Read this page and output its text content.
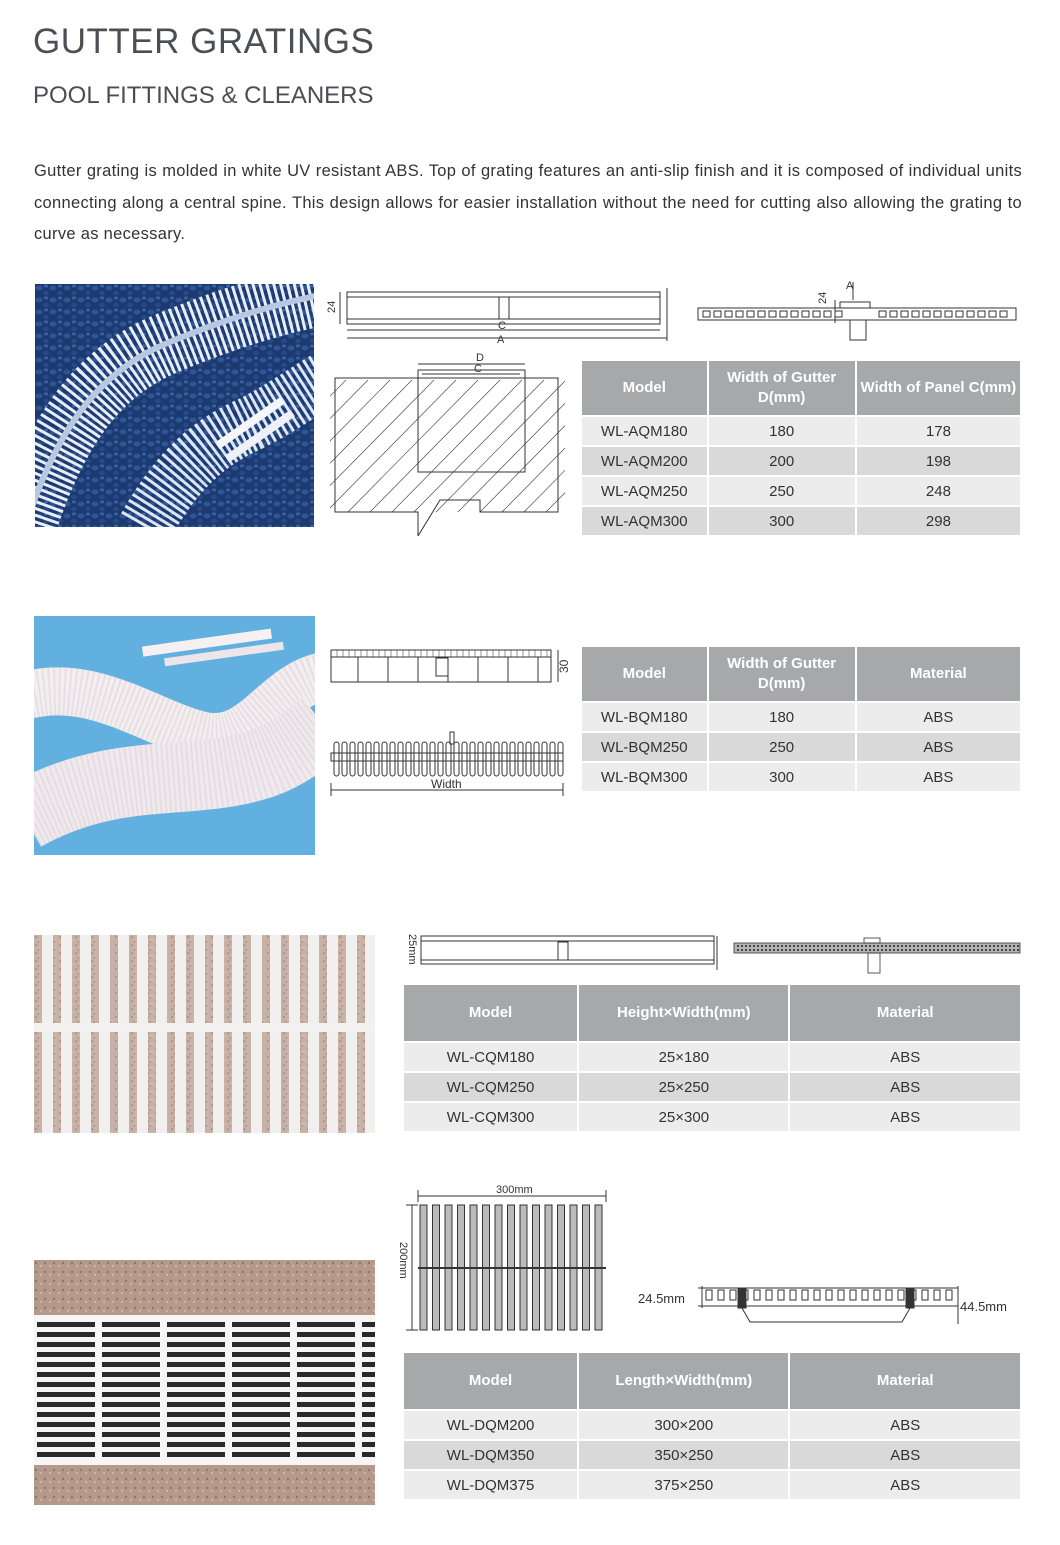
GUTTER GRATINGS
POOL FITTINGS & CLEANERS
Gutter grating is molded in white UV resistant ABS. Top of grating features an anti-slip finish and it is composed of individual units connecting along a central spine. This design allows for easier installation without the need for cutting also allowing the grating to curve as necessary.
24
C
A
24
A
D
C
Model	Width of Gutter D(mm)	Width of Panel C(mm)
WL-AQM180	180	178
WL-AQM200	200	198
WL-AQM250	250	248
WL-AQM300	300	298
30
Width
Model	Width of Gutter D(mm)	Material
WL-BQM180	180	ABS
WL-BQM250	250	ABS
WL-BQM300	300	ABS
25mm
Model	Height×Width(mm)	Material
WL-CQM180	25×180	ABS
WL-CQM250	25×250	ABS
WL-CQM300	25×300	ABS
300mm
200mm
24.5mm
44.5mm
Model	Length×Width(mm)	Material
WL-DQM200	300×200	ABS
WL-DQM350	350×250	ABS
WL-DQM375	375×250	ABS
